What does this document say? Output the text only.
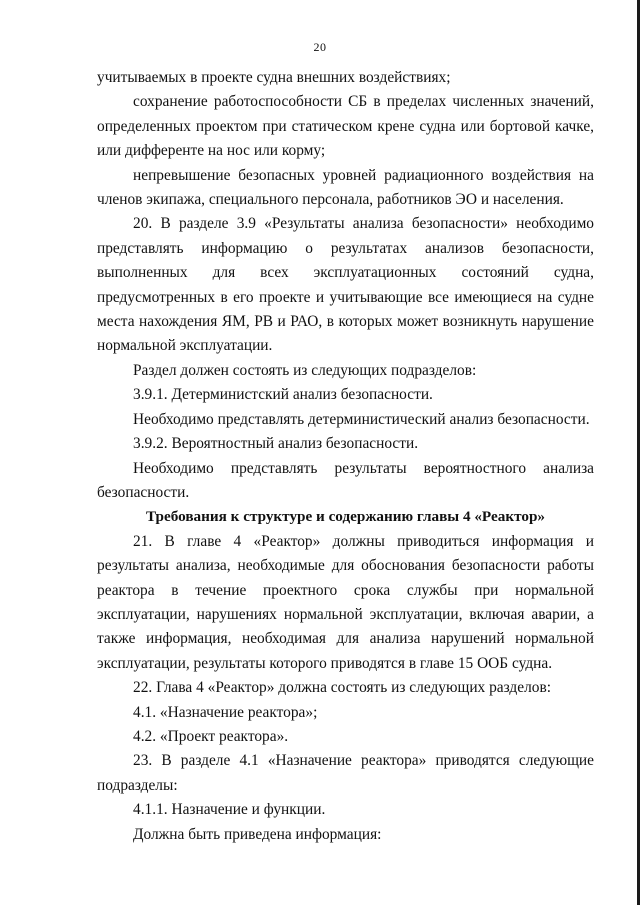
20

учитываемых в проекте судна внешних воздействиях;

сохранение работоспособности СБ в пределах численных значений, определенных проектом при статическом крене судна или бортовой качке, или дифференте на нос или корму;

непревышение безопасных уровней радиационного воздействия на членов экипажа, специального персонала, работников ЭО и населения.

20. В разделе 3.9 «Результаты анализа безопасности» необходимо представлять информацию о результатах анализов безопасности, выполненных для всех эксплуатационных состояний судна, предусмотренных в его проекте и учитывающие все имеющиеся на судне места нахождения ЯМ, РВ и РАО, в которых может возникнуть нарушение нормальной эксплуатации.

Раздел должен состоять из следующих подразделов:

3.9.1. Детерминистский анализ безопасности.

Необходимо представлять детерминистический анализ безопасности.

3.9.2. Вероятностный анализ безопасности.

Необходимо представлять результаты вероятностного анализа безопасности.

Требования к структуре и содержанию главы 4 «Реактор»

21. В главе 4 «Реактор» должны приводиться информация и результаты анализа, необходимые для обоснования безопасности работы реактора в течение проектного срока службы при нормальной эксплуатации, нарушениях нормальной эксплуатации, включая аварии, а также информация, необходимая для анализа нарушений нормальной эксплуатации, результаты которого приводятся в главе 15 ООБ судна.

22. Глава 4 «Реактор» должна состоять из следующих разделов:

4.1. «Назначение реактора»;

4.2. «Проект реактора».

23. В разделе 4.1 «Назначение реактора» приводятся следующие подразделы:

4.1.1. Назначение и функции.

Должна быть приведена информация:
